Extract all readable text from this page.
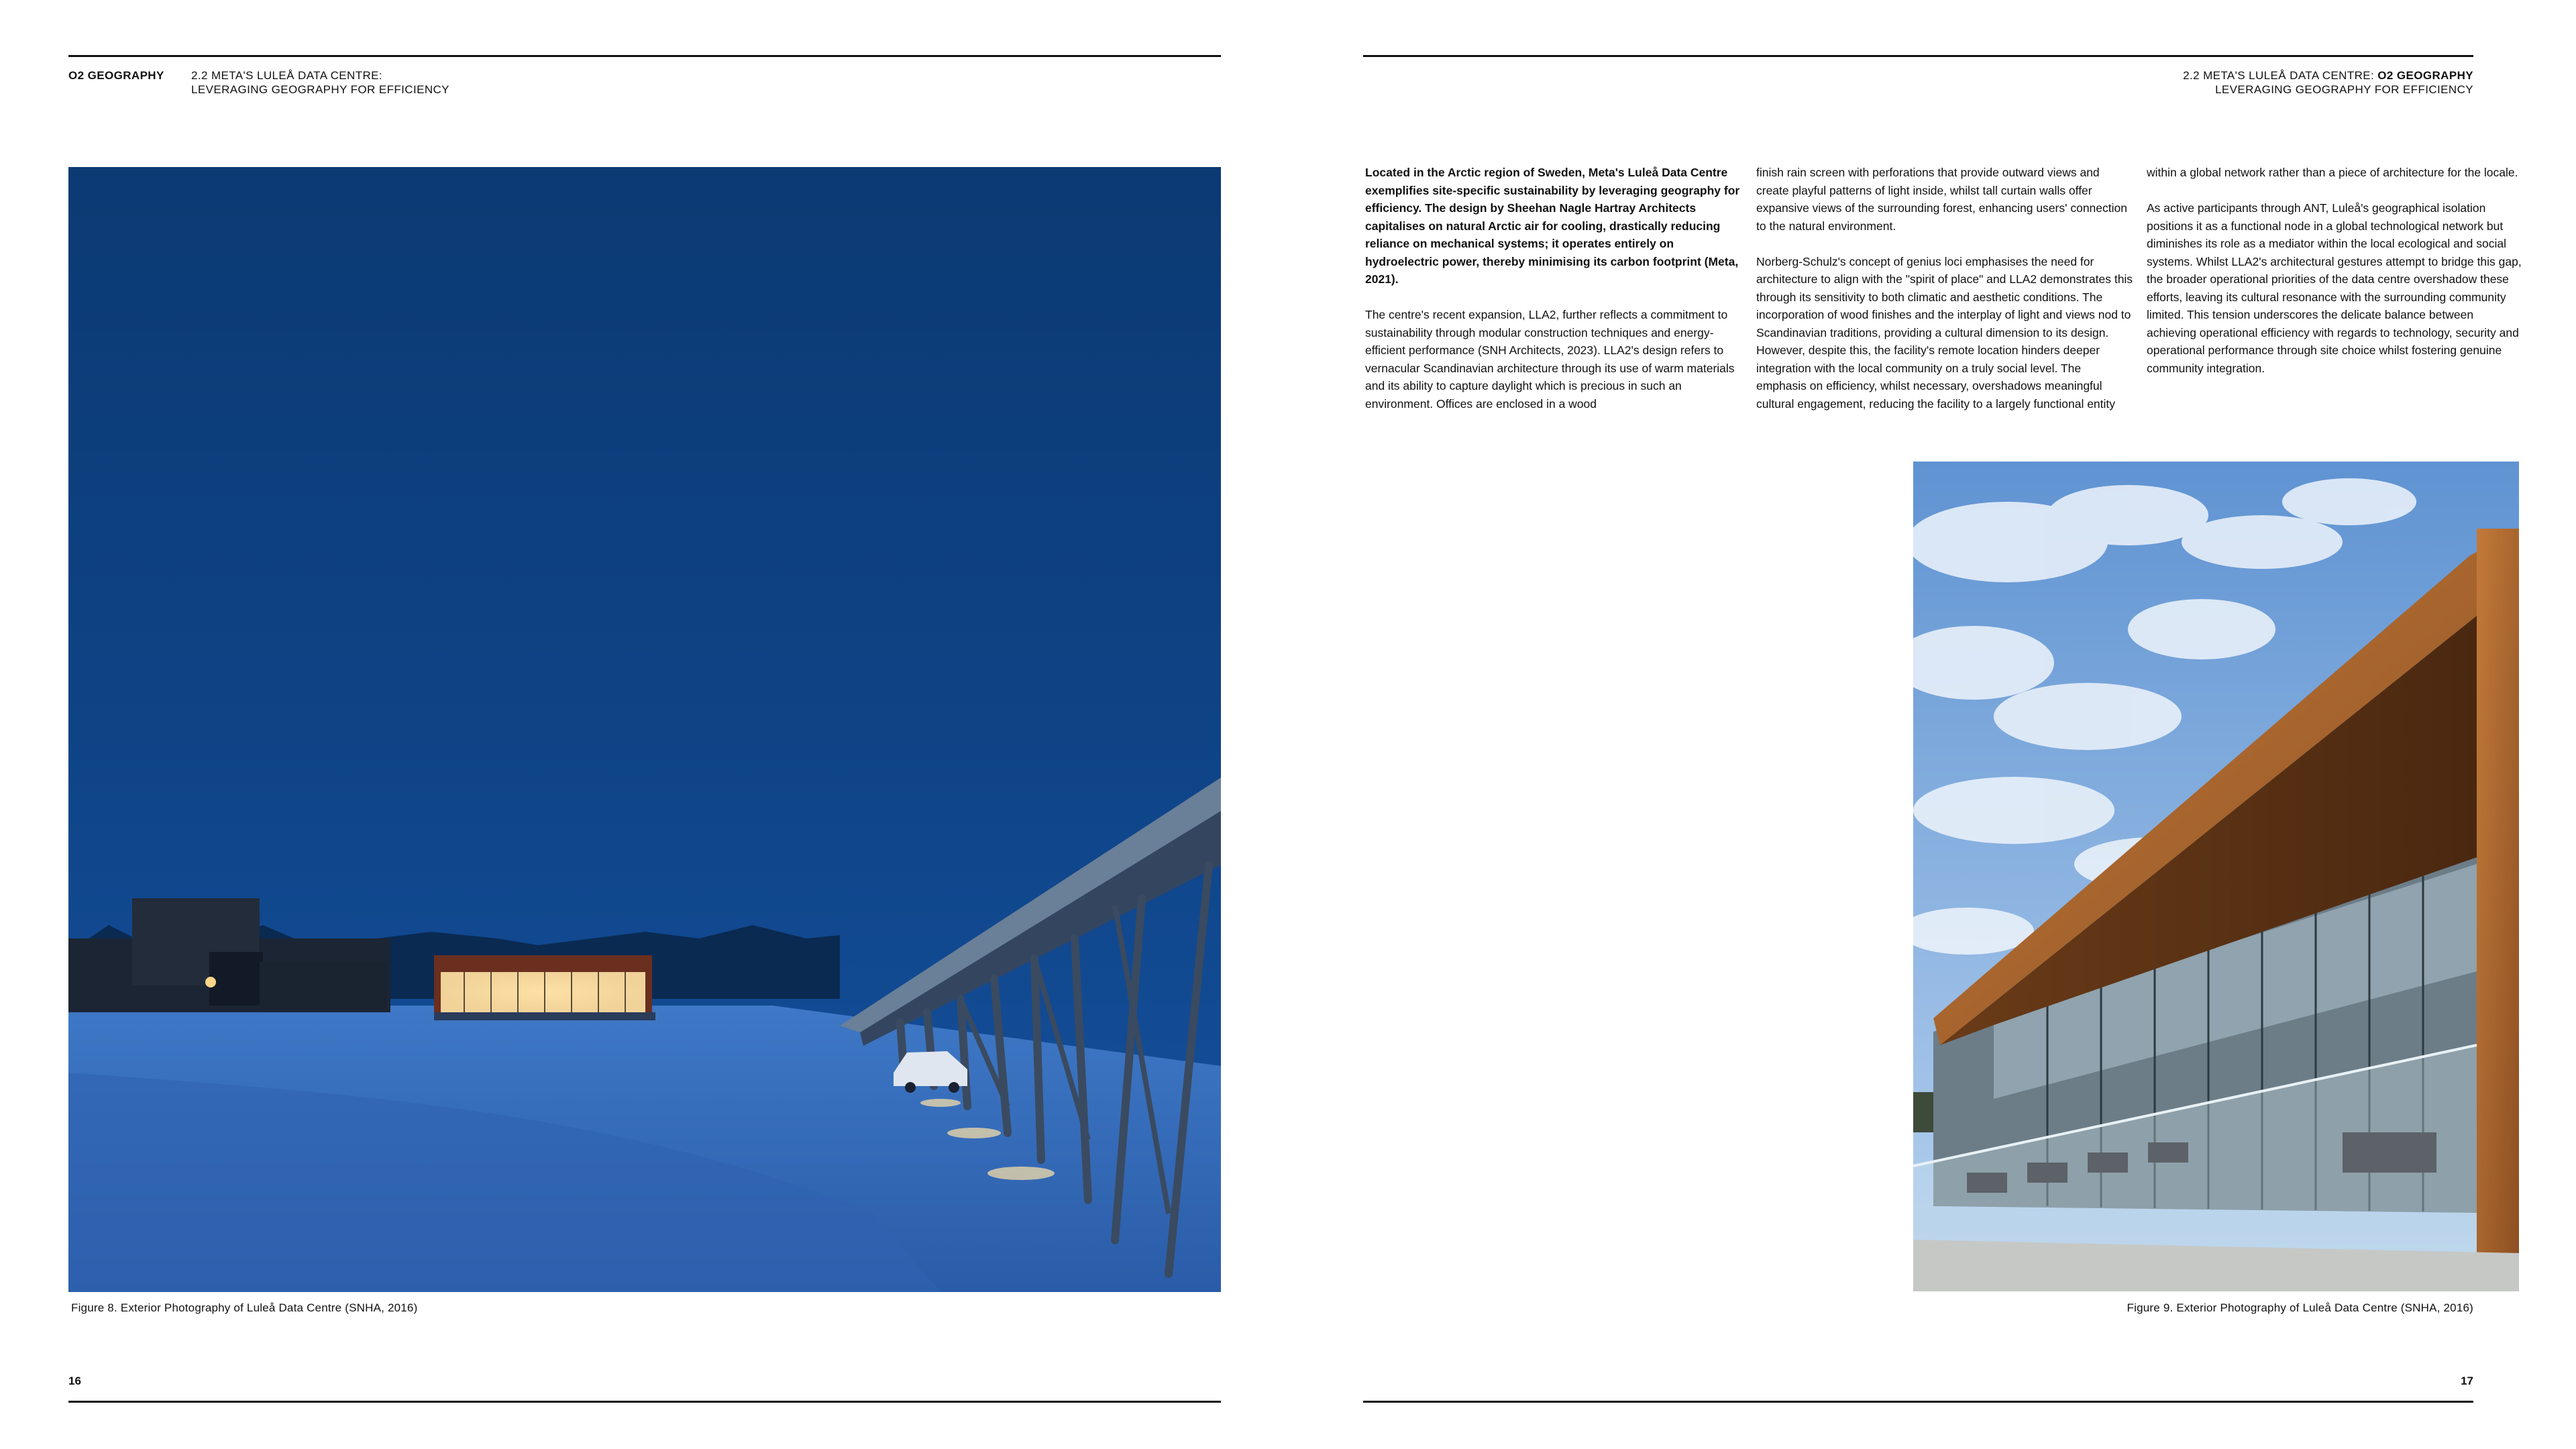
O2 GEOGRAPHY 2.2 META'S LULEÅ DATA CENTRE:
LEVERAGING GEOGRAPHY FOR EFFICIENCY
Figure 8. Exterior Photography of Luleå Data Centre (SNHA, 2016)
16
2.2 META'S LULEÅ DATA CENTRE: O2 GEOGRAPHY
LEVERAGING GEOGRAPHY FOR EFFICIENCY

Located in the Arctic region of Sweden, Meta's Luleå Data Centre exemplifies site-specific sustainability by leveraging geography for efficiency. The design by Sheehan Nagle Hartray Architects capitalises on natural Arctic air for cooling, drastically reducing reliance on mechanical systems; it operates entirely on hydroelectric power, thereby minimising its carbon footprint (Meta, 2021).

The centre's recent expansion, LLA2, further reflects a commitment to sustainability through modular construction techniques and energy-efficient performance (SNH Architects, 2023). LLA2's design refers to vernacular Scandinavian architecture through its use of warm materials and its ability to capture daylight which is precious in such an environment. Offices are enclosed in a wood

finish rain screen with perforations that provide outward views and create playful patterns of light inside, whilst tall curtain walls offer expansive views of the surrounding forest, enhancing users' connection to the natural environment.

Norberg-Schulz's concept of genius loci emphasises the need for architecture to align with the "spirit of place" and LLA2 demonstrates this through its sensitivity to both climatic and aesthetic conditions. The incorporation of wood finishes and the interplay of light and views nod to Scandinavian traditions, providing a cultural dimension to its design. However, despite this, the facility's remote location hinders deeper integration with the local community on a truly social level. The emphasis on efficiency, whilst necessary, overshadows meaningful cultural engagement, reducing the facility to a largely functional entity

within a global network rather than a piece of architecture for the locale.

As active participants through ANT, Luleå's geographical isolation positions it as a functional node in a global technological network but diminishes its role as a mediator within the local ecological and social systems. Whilst LLA2's architectural gestures attempt to bridge this gap, the broader operational priorities of the data centre overshadow these efforts, leaving its cultural resonance with the surrounding community limited. This tension underscores the delicate balance between achieving operational efficiency with regards to technology, security and operational performance through site choice whilst fostering genuine community integration.

Figure 9. Exterior Photography of Luleå Data Centre (SNHA, 2016)
17
